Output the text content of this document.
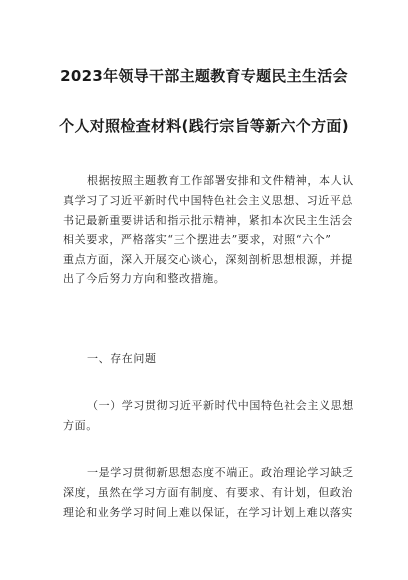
2023年领导干部主题教育专题民主生活会
个人对照检查材料(践行宗旨等新六个方面)
根据按照主题教育工作部署安排和文件精神，本人认
真学习了习近平新时代中国特色社会主义思想、习近平总
书记最新重要讲话和指示批示精神，紧扣本次民主生活会
相关要求，严格落实“三个摆进去”要求，对照“六个”
重点方面，深入开展交心谈心，深刻剖析思想根源，并提
出了今后努力方向和整改措施。
一、存在问题
（一）学习贯彻习近平新时代中国特色社会主义思想
方面。
一是学习贯彻新思想态度不端正。政治理论学习缺乏
深度，虽然在学习方面有制度、有要求、有计划，但政治
理论和业务学习时间上难以保证，在学习计划上难以落实
